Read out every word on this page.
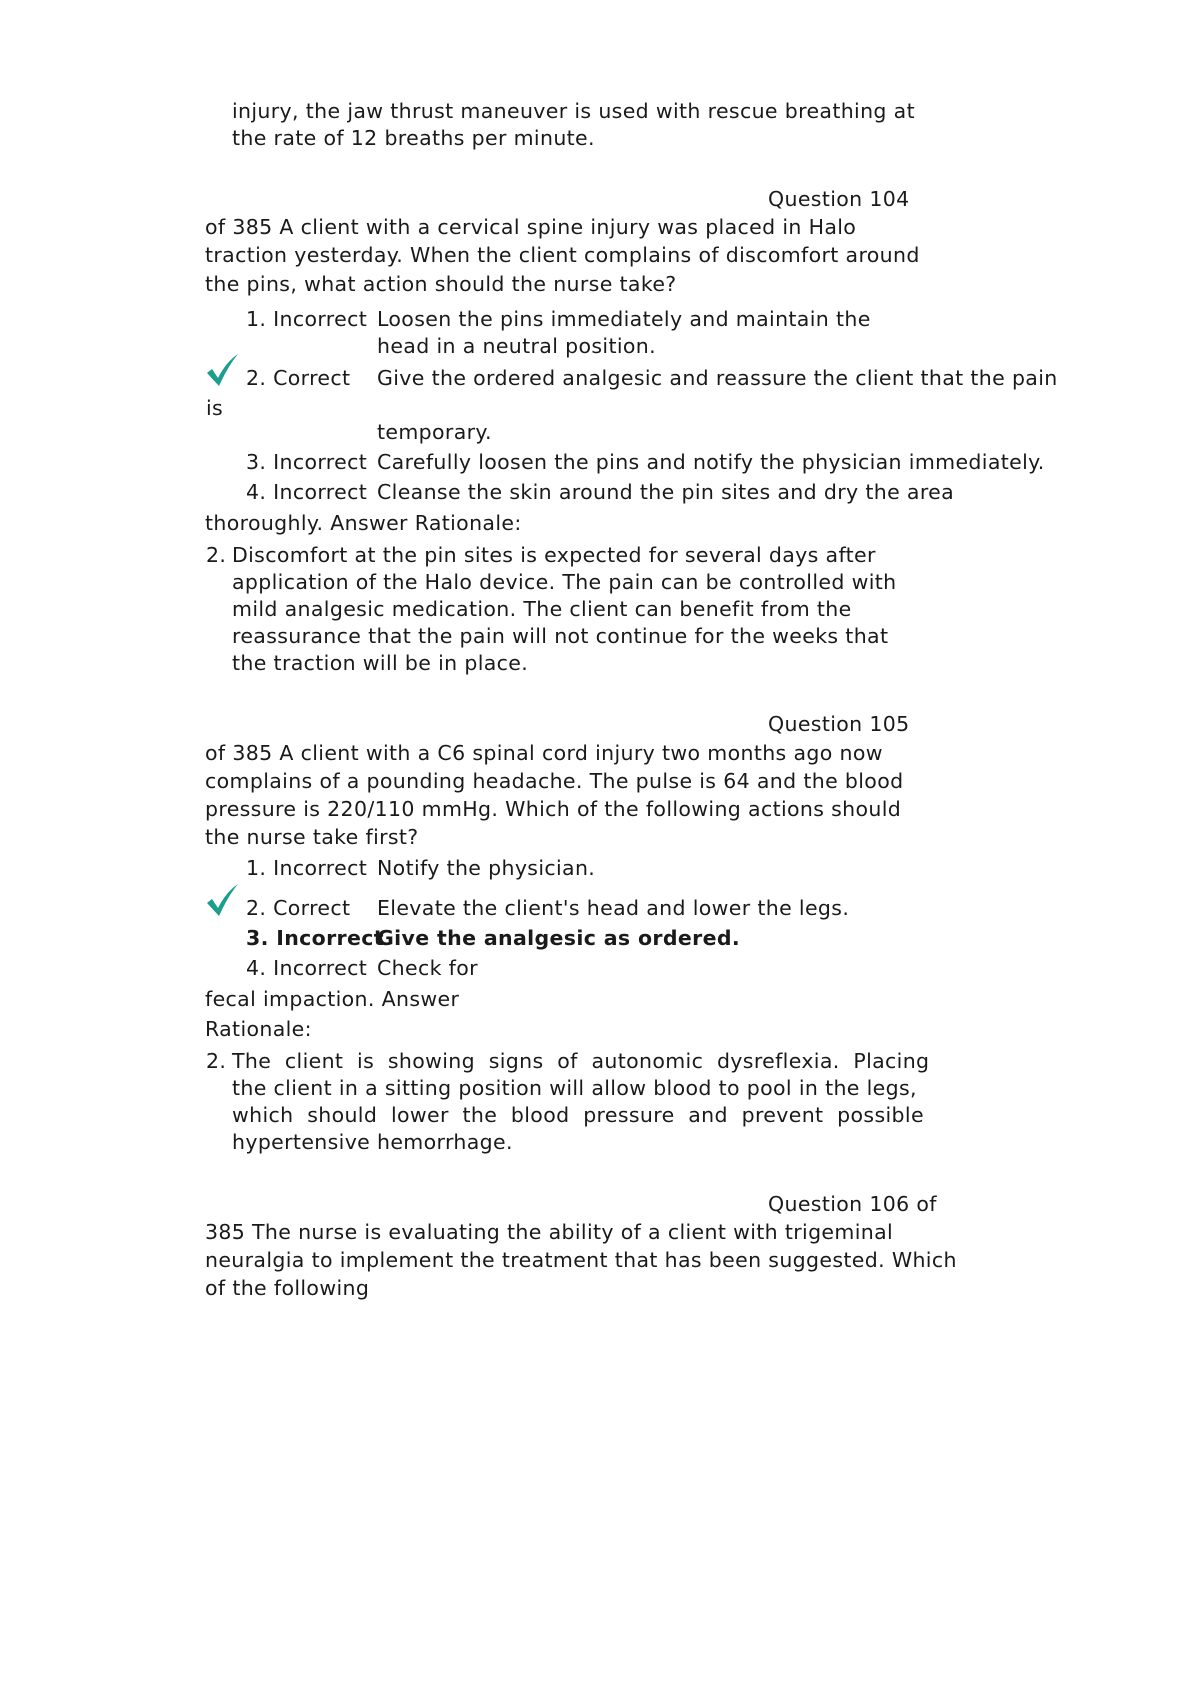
injury, the jaw thrust maneuver is used with rescue breathing at
the rate of 12 breaths per minute.
Question 104
of 385 A client with a cervical spine injury was placed in Halo
traction yesterday. When the client complains of discomfort around
the pins, what action should the nurse take?
1. Incorrect Loosen the pins immediately and maintain the
head in a neutral position.
2. Correct Give the ordered analgesic and reassure the client that the pain
is
temporary.
3. Incorrect Carefully loosen the pins and notify the physician immediately.
4. Incorrect Cleanse the skin around the pin sites and dry the area
thoroughly. Answer Rationale:
2. Discomfort at the pin sites is expected for several days after
application of the Halo device. The pain can be controlled with
mild analgesic medication. The client can benefit from the
reassurance that the pain will not continue for the weeks that
the traction will be in place.
Question 105
of 385 A client with a C6 spinal cord injury two months ago now
complains of a pounding headache. The pulse is 64 and the blood
pressure is 220/110 mmHg. Which of the following actions should
the nurse take first?
1. Incorrect Notify the physician.
2. Correct Elevate the client's head and lower the legs.
3. Incorrect
Give the analgesic as ordered.
4. Incorrect Check for
fecal impaction. Answer
Rationale:
2. The  client  is  showing  signs  of  autonomic  dysreflexia.  Placing
the client in a sitting position will allow blood to pool in the legs,
which  should  lower  the  blood  pressure  and  prevent  possible
hypertensive hemorrhage.
Question 106 of
385 The nurse is evaluating the ability of a client with trigeminal
neuralgia to implement the treatment that has been suggested. Which
of the following
